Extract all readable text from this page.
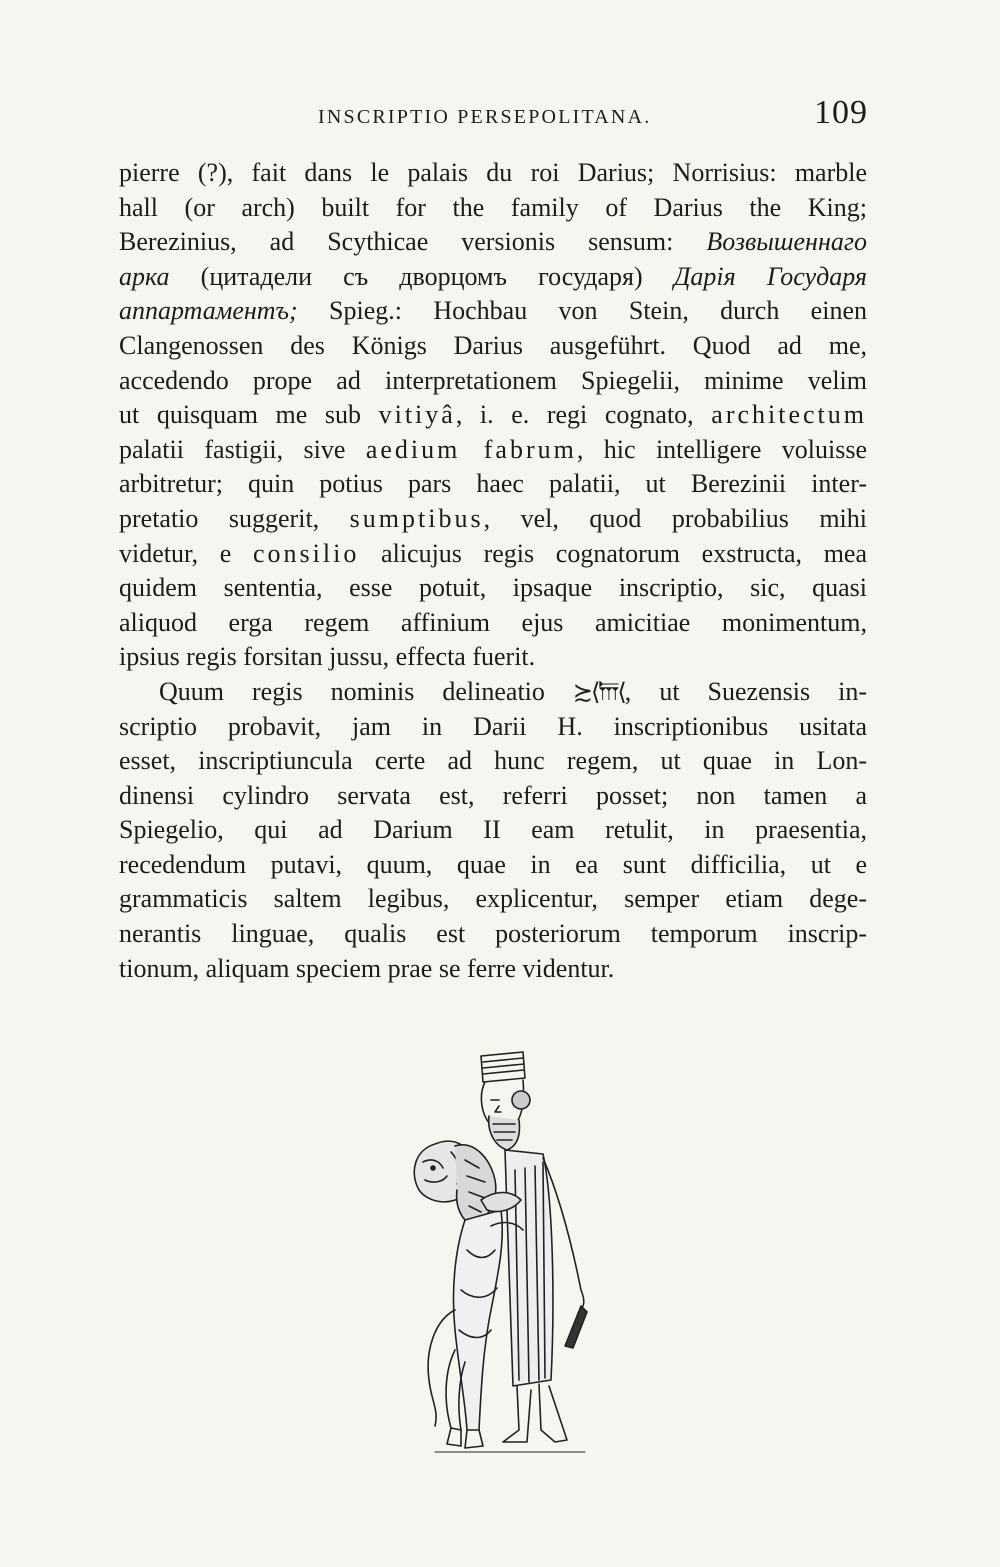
INSCRIPTIO PERSEPOLITANA.	109
pierre (?), fait dans le palais du roi Darius; Norrisius: marble
hall (or arch) built for the family of Darius the King;
Berezinius, ad Scythicae versionis sensum: Возвышеннаго
арка (цитадели съ дворцомъ государя) Дарія Государя
аппартаментъ; Spieg.: Hochbau von Stein, durch einen
Clangenossen des Königs Darius ausgeführt. Quod ad me,
accedendo prope ad interpretationem Spiegelii, minime velim
ut quisquam me sub vitiyâ, i. e. regi cognato, architectum
palatii fastigii, sive aedium fabrum, hic intelligere voluisse
arbitretur; quin potius pars haec palatii, ut Berezinii inter-
pretatio suggerit, sumptibus, vel, quod probabilius mihi
videtur, e consilio alicujus regis cognatorum exstructa, mea
quidem sententia, esse potuit, ipsaque inscriptio, sic, quasi
aliquod erga regem affinium ejus amicitiae monimentum,
ipsius regis forsitan jussu, effecta fuerit.
Quum regis nominis delineatio ≿⟨𐎠⟨, ut Suezensis in-
scriptio probavit, jam in Darii H. inscriptionibus usitata
esset, inscriptiuncula certe ad hunc regem, ut quae in Lon-
dinensi cylindro servata est, referri posset; non tamen a
Spiegelio, qui ad Darium II eam retulit, in praesentia,
recedendum putavi, quum, quae in ea sunt difficilia, ut e
grammaticis saltem legibus, explicentur, semper etiam dege-
nerantis linguae, qualis est posteriorum temporum inscrip-
tionum, aliquam speciem prae se ferre videntur.
